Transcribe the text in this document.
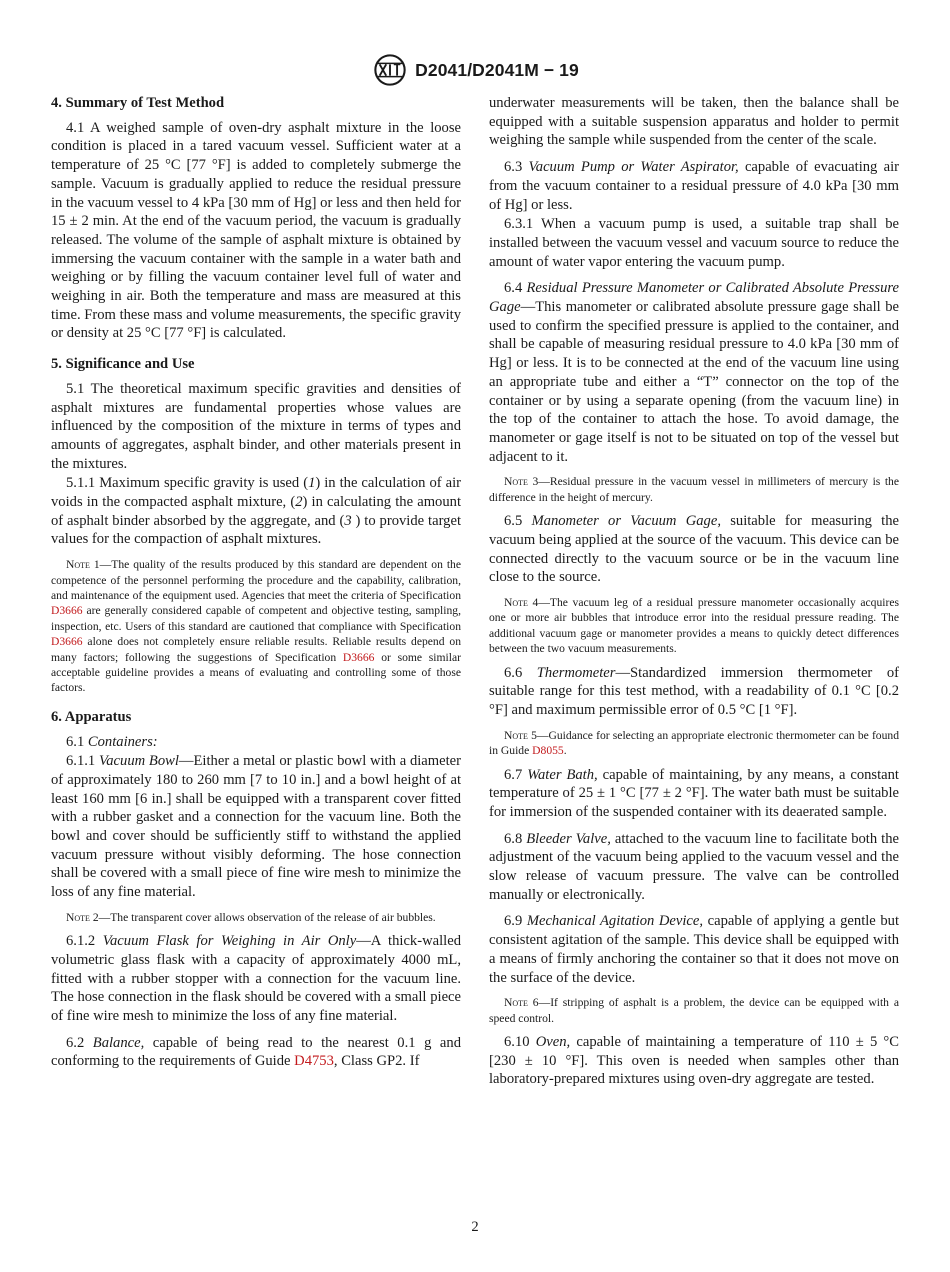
D2041/D2041M − 19
4. Summary of Test Method

4.1 A weighed sample of oven-dry asphalt mixture in the loose condition is placed in a tared vacuum vessel. Sufficient water at a temperature of 25 °C [77 °F] is added to completely submerge the sample. Vacuum is gradually applied to reduce the residual pressure in the vacuum vessel to 4 kPa [30 mm of Hg] or less and then held for 15 ± 2 min. At the end of the vacuum period, the vacuum is gradually released. The volume of the sample of asphalt mixture is obtained by immersing the vacuum container with the sample in a water bath and weighing or by filling the vacuum container level full of water and weighing in air. Both the temperature and mass are measured at this time. From these mass and volume measurements, the specific gravity or density at 25 °C [77 °F] is calculated.

5. Significance and Use

5.1 The theoretical maximum specific gravities and densities of asphalt mixtures are fundamental properties whose values are influenced by the composition of the mixture in terms of types and amounts of aggregates, asphalt binder, and other materials present in the mixtures.

5.1.1 Maximum specific gravity is used (1) in the calculation of air voids in the compacted asphalt mixture, (2) in calculating the amount of asphalt binder absorbed by the aggregate, and (3 ) to provide target values for the compaction of asphalt mixtures.

Note 1—The quality of the results produced by this standard are dependent on the competence of the personnel performing the procedure and the capability, calibration, and maintenance of the equipment used. Agencies that meet the criteria of Specification D3666 are generally considered capable of competent and objective testing, sampling, inspection, etc. Users of this standard are cautioned that compliance with Specification D3666 alone does not completely ensure reliable results. Reliable results depend on many factors; following the suggestions of Specification D3666 or some similar acceptable guideline provides a means of evaluating and controlling some of those factors.

6. Apparatus

6.1 Containers:

6.1.1 Vacuum Bowl—Either a metal or plastic bowl with a diameter of approximately 180 to 260 mm [7 to 10 in.] and a bowl height of at least 160 mm [6 in.] shall be equipped with a transparent cover fitted with a rubber gasket and a connection for the vacuum line. Both the bowl and cover should be sufficiently stiff to withstand the applied vacuum pressure without visibly deforming. The hose connection shall be covered with a small piece of fine wire mesh to minimize the loss of any fine material.

Note 2—The transparent cover allows observation of the release of air bubbles.

6.1.2 Vacuum Flask for Weighing in Air Only—A thick-walled volumetric glass flask with a capacity of approximately 4000 mL, fitted with a rubber stopper with a connection for the vacuum line. The hose connection in the flask should be covered with a small piece of fine wire mesh to minimize the loss of any fine material.

6.2 Balance, capable of being read to the nearest 0.1 g and conforming to the requirements of Guide D4753, Class GP2. If

underwater measurements will be taken, then the balance shall be equipped with a suitable suspension apparatus and holder to permit weighing the sample while suspended from the center of the scale.

6.3 Vacuum Pump or Water Aspirator, capable of evacuating air from the vacuum container to a residual pressure of 4.0 kPa [30 mm of Hg] or less.

6.3.1 When a vacuum pump is used, a suitable trap shall be installed between the vacuum vessel and vacuum source to reduce the amount of water vapor entering the vacuum pump.

6.4 Residual Pressure Manometer or Calibrated Absolute Pressure Gage—This manometer or calibrated absolute pressure gage shall be used to confirm the specified pressure is applied to the container, and shall be capable of measuring residual pressure to 4.0 kPa [30 mm of Hg] or less. It is to be connected at the end of the vacuum line using an appropriate tube and either a “T” connector on the top of the container or by using a separate opening (from the vacuum line) in the top of the container to attach the hose. To avoid damage, the manometer or gage itself is not to be situated on top of the vessel but adjacent to it.

Note 3—Residual pressure in the vacuum vessel in millimeters of mercury is the difference in the height of mercury.

6.5 Manometer or Vacuum Gage, suitable for measuring the vacuum being applied at the source of the vacuum. This device can be connected directly to the vacuum source or be in the vacuum line close to the source.

Note 4—The vacuum leg of a residual pressure manometer occasionally acquires one or more air bubbles that introduce error into the residual pressure reading. The additional vacuum gage or manometer provides a means to quickly detect differences between the two vacuum measurements.

6.6 Thermometer—Standardized immersion thermometer of suitable range for this test method, with a readability of 0.1 °C [0.2 °F] and maximum permissible error of 0.5 °C [1 °F].

Note 5—Guidance for selecting an appropriate electronic thermometer can be found in Guide D8055.

6.7 Water Bath, capable of maintaining, by any means, a constant temperature of 25 ± 1 °C [77 ± 2 °F]. The water bath must be suitable for immersion of the suspended container with its deaerated sample.

6.8 Bleeder Valve, attached to the vacuum line to facilitate both the adjustment of the vacuum being applied to the vacuum vessel and the slow release of vacuum pressure. The valve can be controlled manually or electronically.

6.9 Mechanical Agitation Device, capable of applying a gentle but consistent agitation of the sample. This device shall be equipped with a means of firmly anchoring the container so that it does not move on the surface of the device.

Note 6—If stripping of asphalt is a problem, the device can be equipped with a speed control.

6.10 Oven, capable of maintaining a temperature of 110 ± 5 °C [230 ± 10 °F]. This oven is needed when samples other than laboratory-prepared mixtures using oven-dry aggregate are tested.

2
